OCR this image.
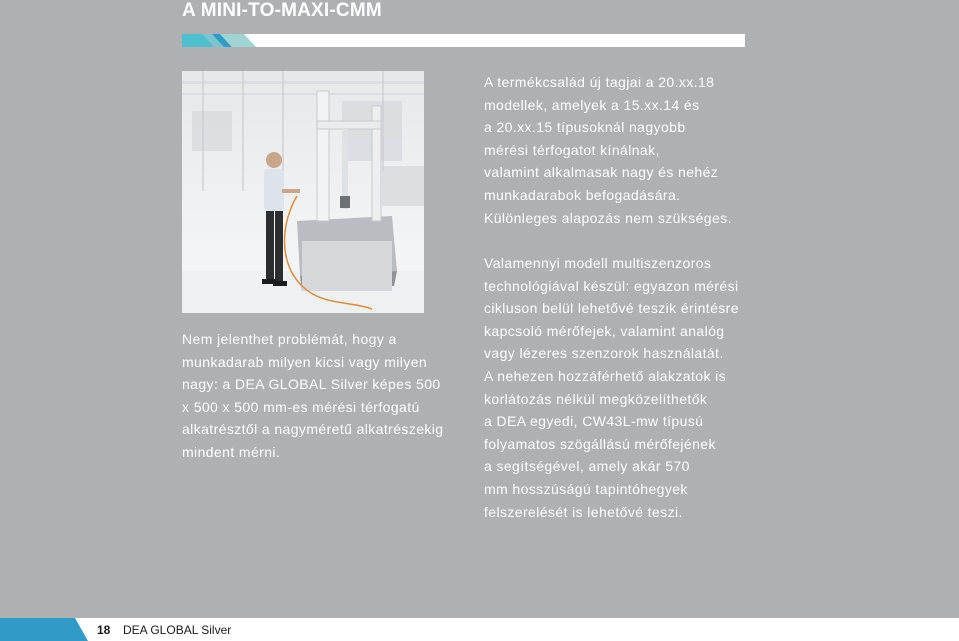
A MINI-TO-MAXI-CMM

A termékcsalád új tagjai a 20.xx.18
modellek, amelyek a 15.xx.14 és
a 20.xx.15 típusoknál nagyobb
mérési térfogatot kínálnak,
valamint alkalmasak nagy és nehéz
munkadarabok befogadására.
Különleges alapozás nem szükséges.

Valamennyi modell multiszenzoros
technológiával készül: egyazon mérési
cikluson belül lehetővé teszik érintésre
kapcsoló mérőfejek, valamint analóg
vagy lézeres szenzorok használatát.
A nehezen hozzáférhető alakzatok is
korlátozás nélkül megközelíthetők
a DEA egyedi, CW43L-mw típusú
folyamatos szögállású mérőfejének
a segítségével, amely akár 570
mm hosszúságú tapintóhegyek
felszerelését is lehetővé teszi.

Nem jelenthet problémát, hogy a
munkadarab milyen kicsi vagy milyen
nagy: a DEA GLOBAL Silver képes 500
x 500 x 500 mm-es mérési térfogatú
alkatrésztől a nagyméretű alkatrészekig
mindent mérni.

18 DEA GLOBAL Silver
